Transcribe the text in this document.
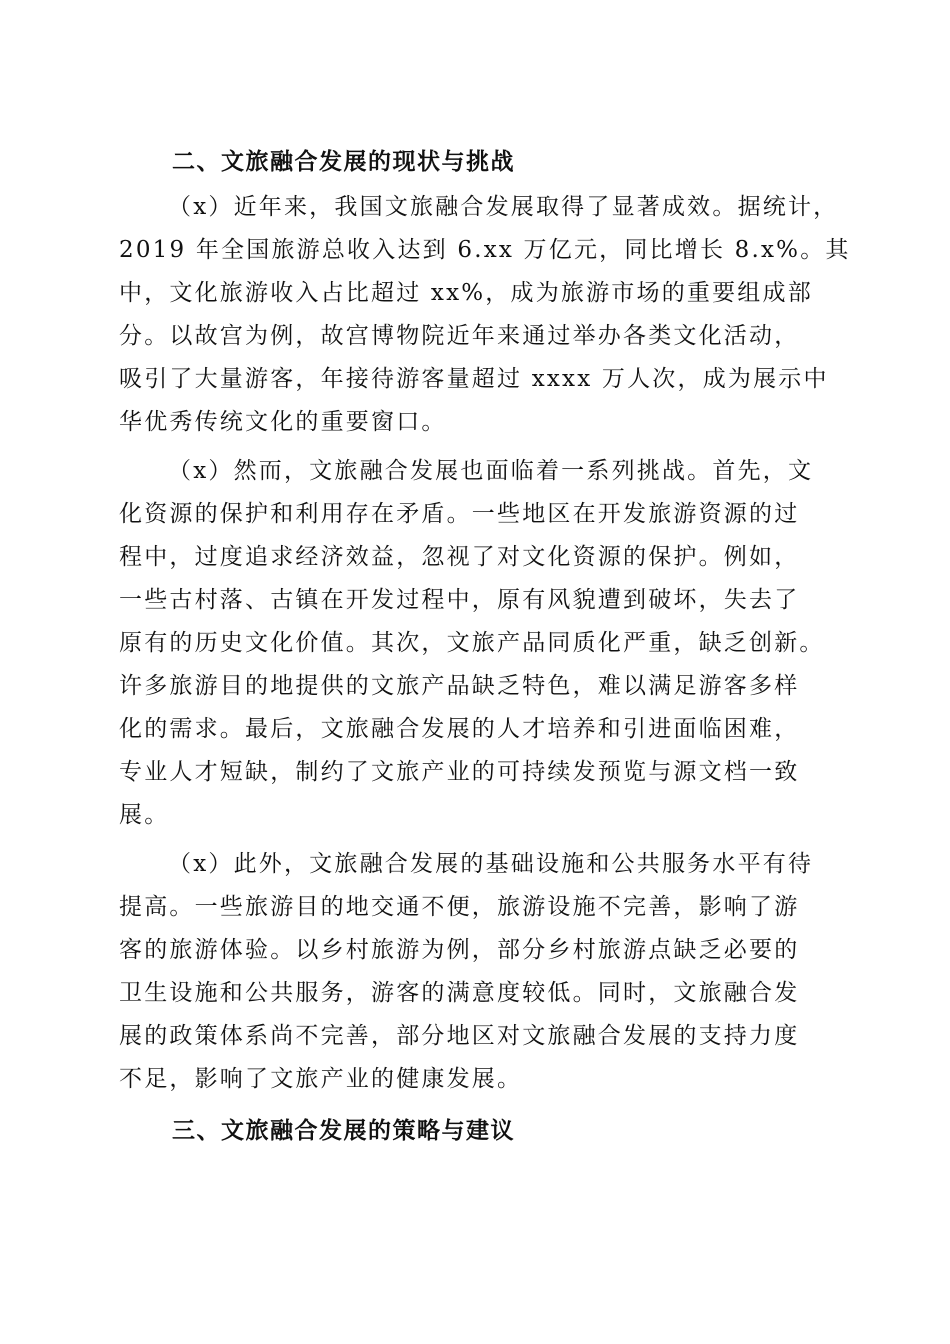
二、文旅融合发展的现状与挑战
（x）近年来，我国文旅融合发展取得了显著成效。据统计，
2019 年全国旅游总收入达到 6.xx 万亿元，同比增长 8.x%。其
中，文化旅游收入占比超过 xx%，成为旅游市场的重要组成部
分。以故宫为例，故宫博物院近年来通过举办各类文化活动，
吸引了大量游客，年接待游客量超过 xxxx 万人次，成为展示中
华优秀传统文化的重要窗口。
（x）然而，文旅融合发展也面临着一系列挑战。首先，文
化资源的保护和利用存在矛盾。一些地区在开发旅游资源的过
程中，过度追求经济效益，忽视了对文化资源的保护。例如，
一些古村落、古镇在开发过程中，原有风貌遭到破坏，失去了
原有的历史文化价值。其次，文旅产品同质化严重，缺乏创新。
许多旅游目的地提供的文旅产品缺乏特色，难以满足游客多样
化的需求。最后，文旅融合发展的人才培养和引进面临困难，
专业人才短缺，制约了文旅产业的可持续发预览与源文档一致
展。
（x）此外，文旅融合发展的基础设施和公共服务水平有待
提高。一些旅游目的地交通不便，旅游设施不完善，影响了游
客的旅游体验。以乡村旅游为例，部分乡村旅游点缺乏必要的
卫生设施和公共服务，游客的满意度较低。同时，文旅融合发
展的政策体系尚不完善，部分地区对文旅融合发展的支持力度
不足，影响了文旅产业的健康发展。
三、文旅融合发展的策略与建议
